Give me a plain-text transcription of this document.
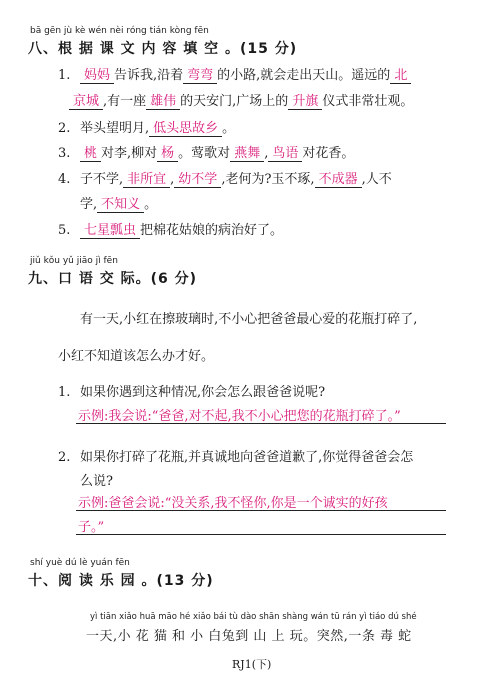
bā gēn jù kè wén nèi róng tián kòng fēn
八、根 据 课 文 内 容 填 空 。(15 分)
1. 妈妈 告诉我,沿着 弯弯 的小路,就会走出天山。遥远的 北
京城 ,有一座 雄伟 的天安门,广场上的 升旗 仪式非常壮观。
2. 举头望明月, 低头思故乡 。
3. 桃 对李,柳对 杨 。莺歌对 燕舞 , 鸟语 对花香。
4. 子不学, 非所宜 , 幼不学 ,老何为?玉不琢, 不成器 ,人不
学, 不知义 。
5. 七星瓢虫 把棉花姑娘的病治好了。
jiǔ kǒu yǔ jiāo jì fēn
九、口 语 交 际。(6 分)
有一天,小红在擦玻璃时,不小心把爸爸最心爱的花瓶打碎了,
小红不知道该怎么办才好。
1. 如果你遇到这种情况,你会怎么跟爸爸说呢?
示例:我会说:“爸爸,对不起,我不小心把您的花瓶打碎了。”
2. 如果你打碎了花瓶,并真诚地向爸爸道歉了,你觉得爸爸会怎
么说?
示例:爸爸会说:“没关系,我不怪你,你是一个诚实的好孩
子。”
shí yuè dú lè yuán fēn
十、阅 读 乐 园 。(13 分)
yì tiān xiǎo huā māo hé xiǎo bái tù dào shān shàng wán tū rán yì tiáo dú shé
一天,小 花 猫 和 小 白兔到 山 上 玩。突然,一条 毒 蛇
RJ1(下)
